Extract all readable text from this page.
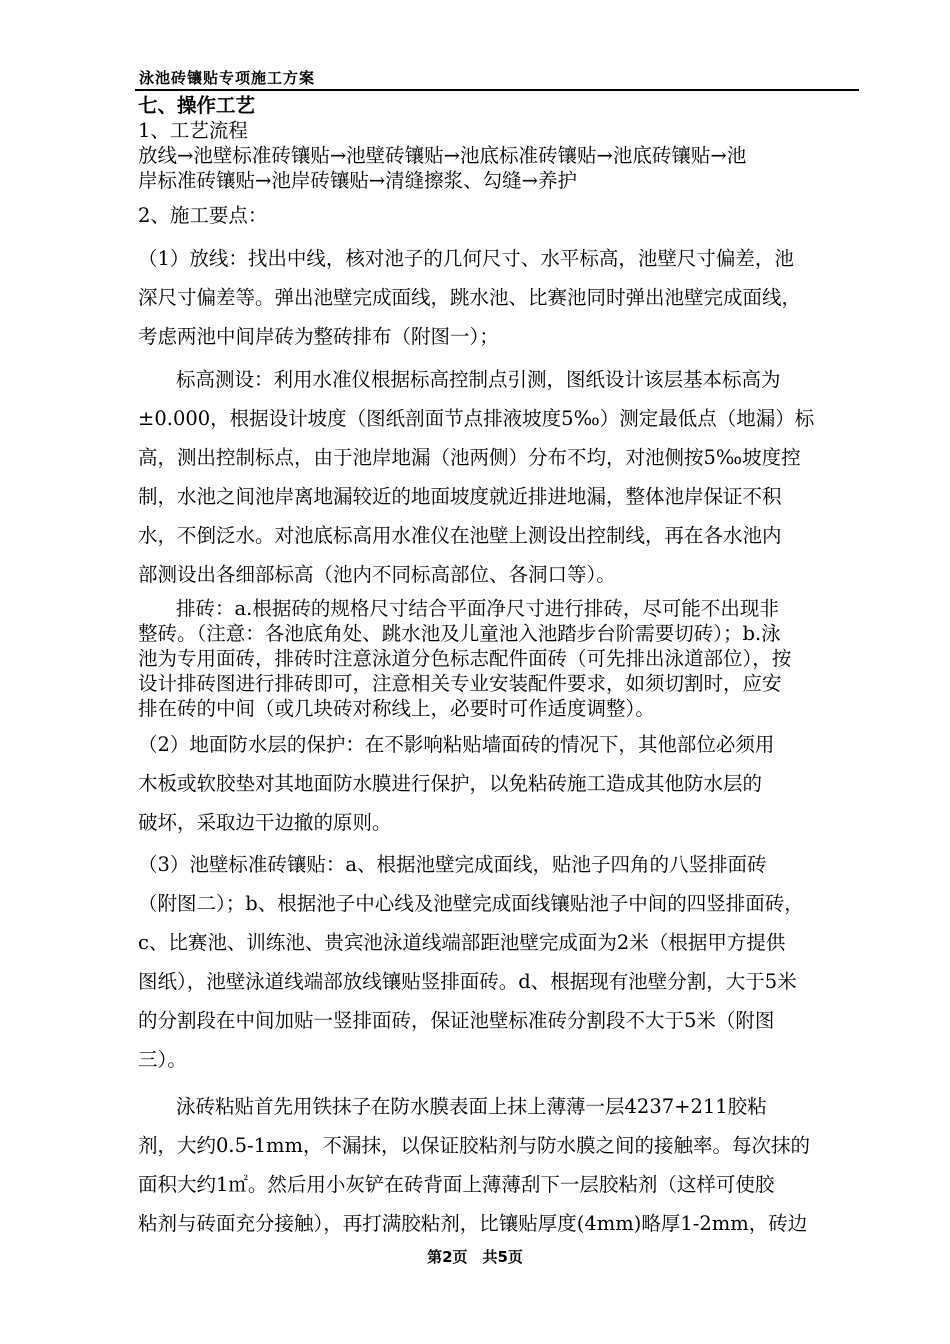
泳池砖镶贴专项施工方案
七、操作工艺
1、工艺流程
放线→池壁标准砖镶贴→池壁砖镶贴→池底标准砖镶贴→池底砖镶贴→池
岸标准砖镶贴→池岸砖镶贴→清缝擦浆、勾缝→养护
2、施工要点：
（1）放线：找出中线，核对池子的几何尺寸、水平标高，池壁尺寸偏差，池
深尺寸偏差等。弹出池壁完成面线，跳水池、比赛池同时弹出池壁完成面线，
考虑两池中间岸砖为整砖排布（附图一）；
标高测设：利用水准仪根据标高控制点引测，图纸设计该层基本标高为
±0.000，根据设计坡度（图纸剖面节点排液坡度5‰）测定最低点（地漏）标
高，测出控制标点，由于池岸地漏（池两侧）分布不均，对池侧按5‰坡度控
制，水池之间池岸离地漏较近的地面坡度就近排进地漏，整体池岸保证不积
水，不倒泛水。对池底标高用水准仪在池壁上测设出控制线，再在各水池内
部测设出各细部标高（池内不同标高部位、各洞口等）。
排砖：a.根据砖的规格尺寸结合平面净尺寸进行排砖，尽可能不出现非
整砖。（注意：各池底角处、跳水池及儿童池入池踏步台阶需要切砖）；b.泳
池为专用面砖，排砖时注意泳道分色标志配件面砖（可先排出泳道部位），按
设计排砖图进行排砖即可，注意相关专业安装配件要求，如须切割时，应安
排在砖的中间（或几块砖对称线上，必要时可作适度调整）。
（2）地面防水层的保护：在不影响粘贴墙面砖的情况下，其他部位必须用
木板或软胶垫对其地面防水膜进行保护，以免粘砖施工造成其他防水层的
破坏，采取边干边撤的原则。
（3）池壁标准砖镶贴：a、根据池壁完成面线，贴池子四角的八竖排面砖
（附图二）；b、根据池子中心线及池壁完成面线镶贴池子中间的四竖排面砖，
c、比赛池、训练池、贵宾池泳道线端部距池壁完成面为2米（根据甲方提供
图纸），池壁泳道线端部放线镶贴竖排面砖。d、根据现有池壁分割，大于5米
的分割段在中间加贴一竖排面砖，保证池壁标准砖分割段不大于5米（附图
三）。
泳砖粘贴首先用铁抹子在防水膜表面上抹上薄薄一层4237+211胶粘
剂，大约0.5-1mm，不漏抹，以保证胶粘剂与防水膜之间的接触率。每次抹的
面积大约1㎡。然后用小灰铲在砖背面上薄薄刮下一层胶粘剂（这样可使胶
粘剂与砖面充分接触），再打满胶粘剂，比镶贴厚度(4mm)略厚1-2mm，砖边
第2页　共5页
